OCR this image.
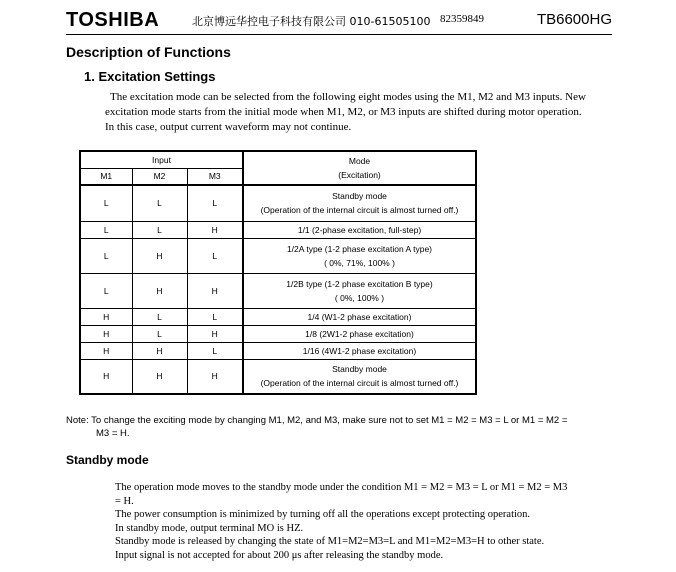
TOSHIBA	北京博远华控电子科技有限公司 010-61505100 82359849	TB6600HG
Description of Functions
1. Excitation Settings
The excitation mode can be selected from the following eight modes using the M1, M2 and M3 inputs. New
excitation mode starts from the initial mode when M1, M2, or M3 inputs are shifted during motor operation.
In this case, output current waveform may not continue.
Input			Mode
(Excitation)

M1	M2	M3	
L	L	L	Standby mode
(Operation of the internal circuit is almost turned off.)

L	L	H	1/1 (2-phase excitation, full-step)
L	H	L	1/2A type (1-2 phase excitation A type)
( 0%, 71%, 100% )

L	H	H	1/2B type (1-2 phase excitation B type)
( 0%, 100% )

H	L	L	1/4 (W1-2 phase excitation)
H	L	H	1/8 (2W1-2 phase excitation)
H	H	L	1/16 (4W1-2 phase excitation)
H	H	H	Standby mode
(Operation of the internal circuit is almost turned off.)
Note: To change the exciting mode by changing M1, M2, and M3, make sure not to set M1 = M2 = M3 = L or M1 = M2 =
M3 = H.
Standby mode

The operation mode moves to the standby mode under the condition M1 = M2 = M3 = L or M1 = M2 = M3

= H.

The power consumption is minimized by turning off all the operations except protecting operation.

In standby mode, output terminal MO is HZ.

Standby mode is released by changing the state of M1=M2=M3=L and M1=M2=M3=H to other state.

Input signal is not accepted for about 200 μs after releasing the standby mode.
